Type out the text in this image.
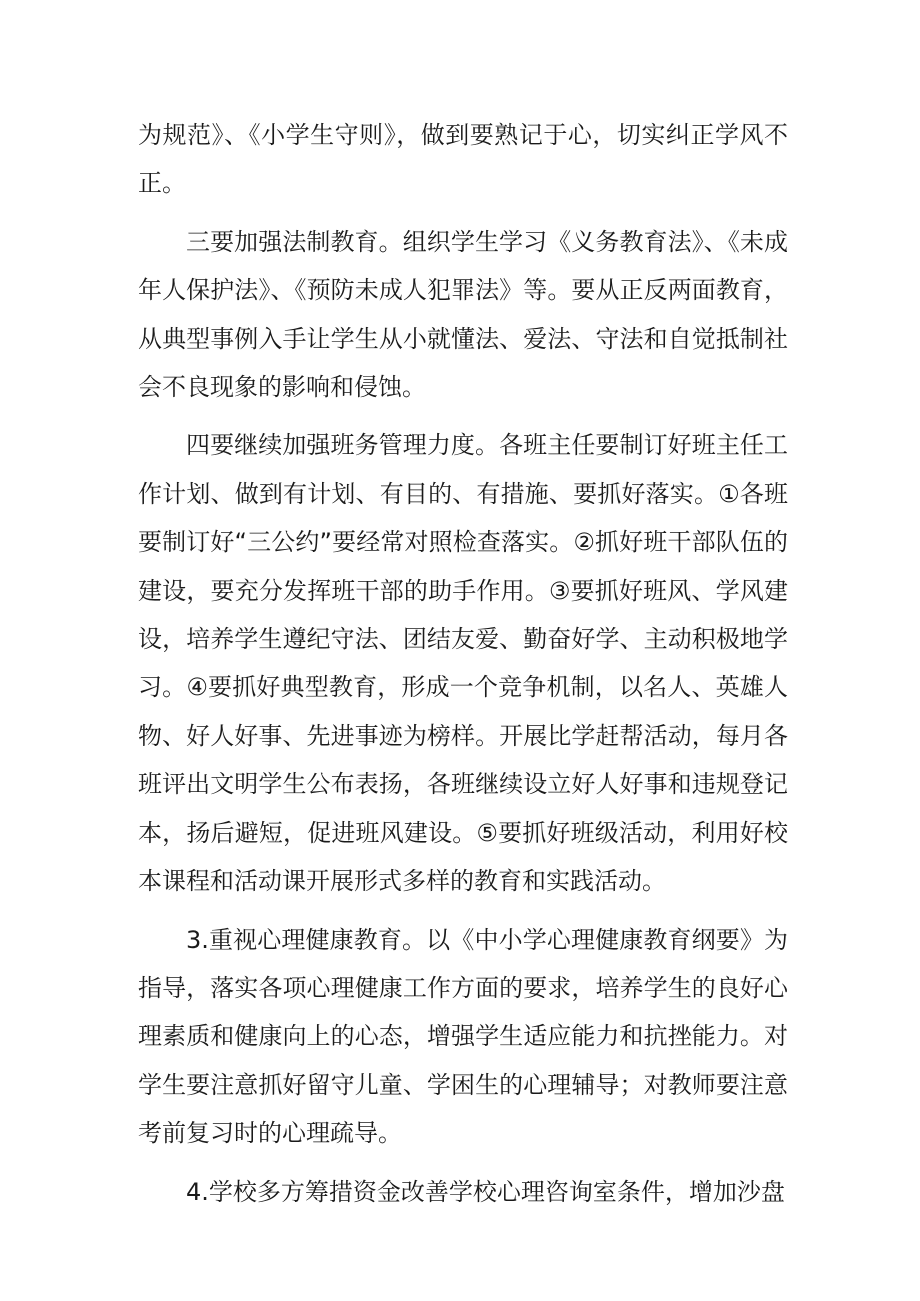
为规范》、《小学生守则》，做到要熟记于心，切实纠正学风不正。

三要加强法制教育。组织学生学习《义务教育法》、《未成年人保护法》、《预防未成人犯罪法》等。要从正反两面教育，从典型事例入手让学生从小就懂法、爱法、守法和自觉抵制社会不良现象的影响和侵蚀。

四要继续加强班务管理力度。各班主任要制订好班主任工作计划、做到有计划、有目的、有措施、要抓好落实。①各班要制订好“三公约”要经常对照检查落实。②抓好班干部队伍的建设，要充分发挥班干部的助手作用。③要抓好班风、学风建设，培养学生遵纪守法、团结友爱、勤奋好学、主动积极地学习。④要抓好典型教育，形成一个竞争机制，以名人、英雄人物、好人好事、先进事迹为榜样。开展比学赶帮活动，每月各班评出文明学生公布表扬，各班继续设立好人好事和违规登记本，扬后避短，促进班风建设。⑤要抓好班级活动，利用好校本课程和活动课开展形式多样的教育和实践活动。

3.重视心理健康教育。以《中小学心理健康教育纲要》为指导，落实各项心理健康工作方面的要求，培养学生的良好心理素质和健康向上的心态，增强学生适应能力和抗挫能力。对学生要注意抓好留守儿童、学困生的心理辅导；对教师要注意考前复习时的心理疏导。

4.学校多方筹措资金改善学校心理咨询室条件，增加沙盘
